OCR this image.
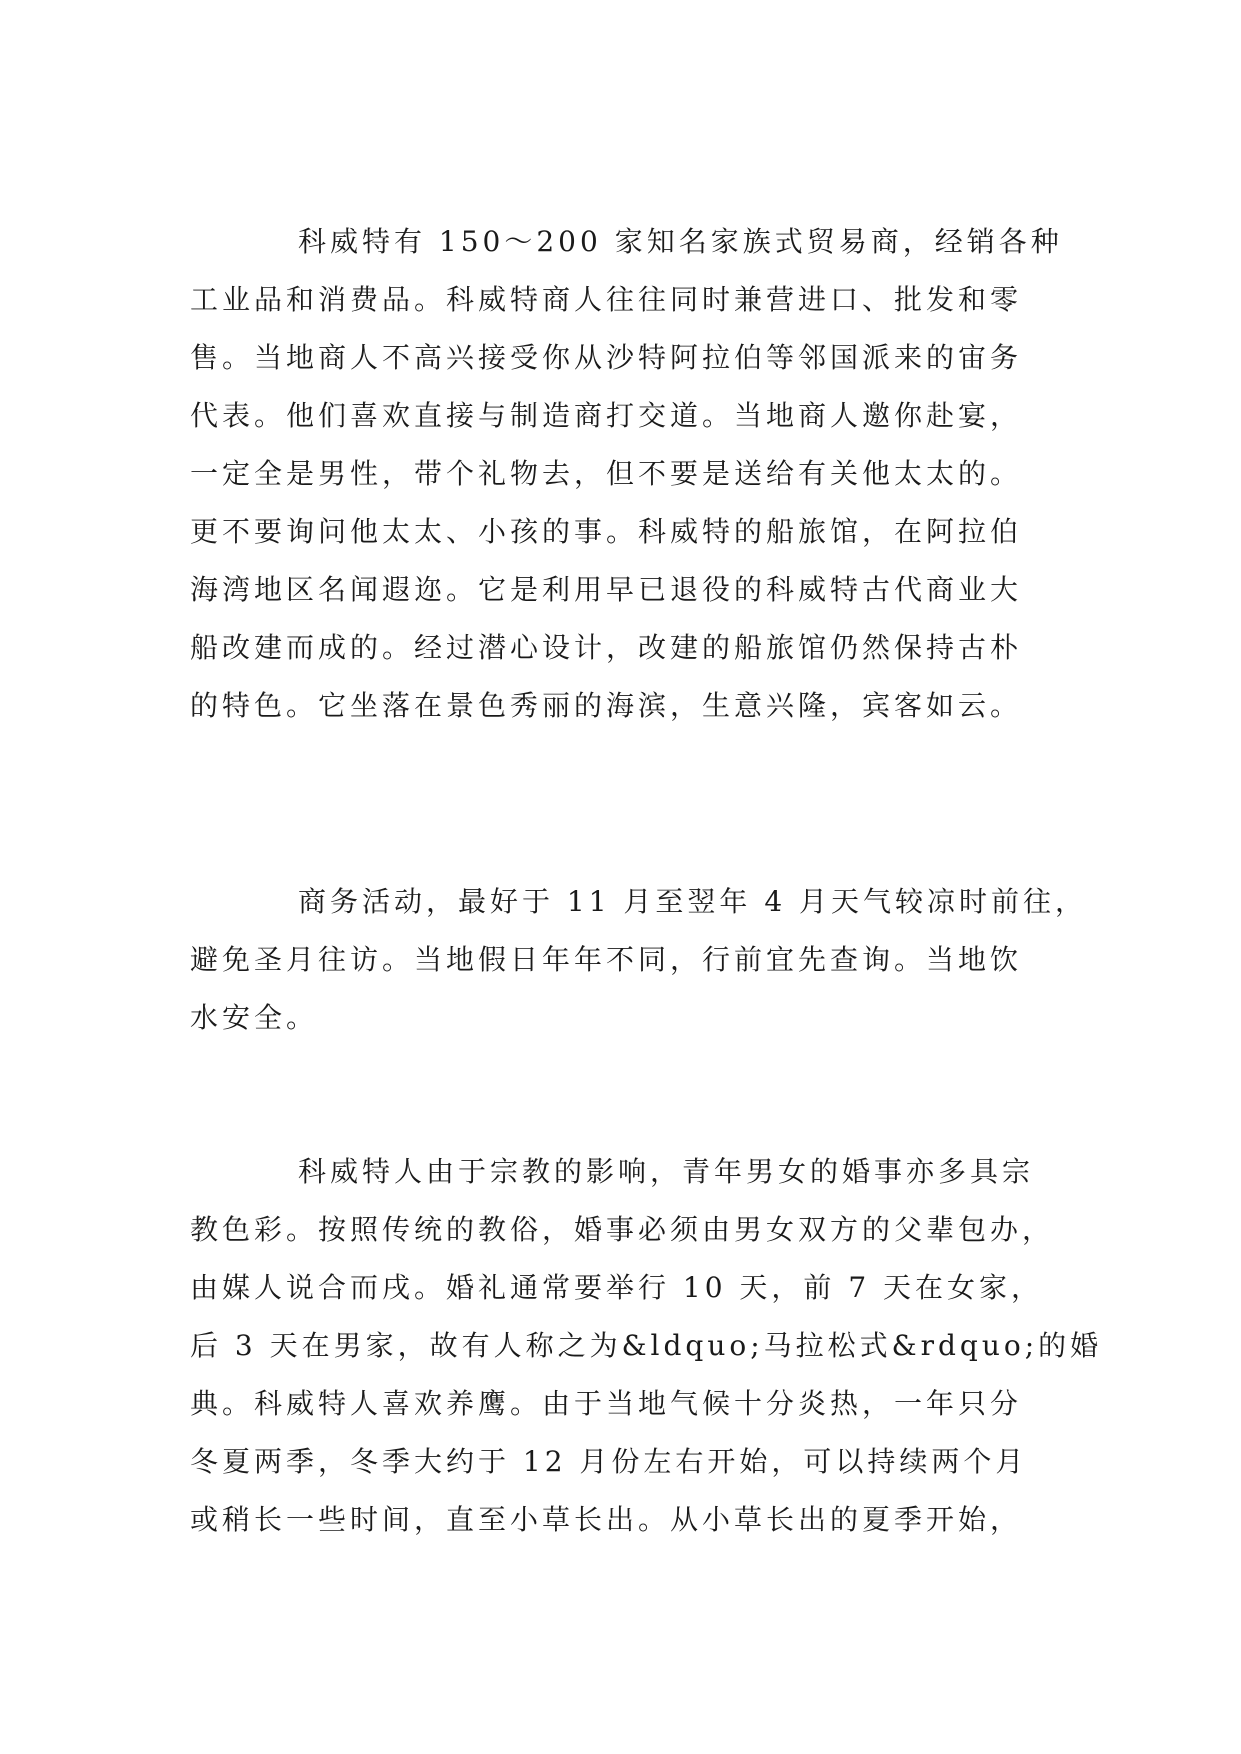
科威特有 150～200 家知名家族式贸易商，经销各种
工业品和消费品。科威特商人往往同时兼营进口、批发和零
售。当地商人不高兴接受你从沙特阿拉伯等邻国派来的宙务
代表。他们喜欢直接与制造商打交道。当地商人邀你赴宴，
一定全是男性，带个礼物去，但不要是送给有关他太太的。
更不要询问他太太、小孩的事。科威特的船旅馆，在阿拉伯
海湾地区名闻遐迩。它是利用早已退役的科威特古代商业大
船改建而成的。经过潜心设计，改建的船旅馆仍然保持古朴
的特色。它坐落在景色秀丽的海滨，生意兴隆，宾客如云。
商务活动，最好于 11 月至翌年 4 月天气较凉时前往，
避免圣月往访。当地假日年年不同，行前宜先查询。当地饮
水安全。
科威特人由于宗教的影响，青年男女的婚事亦多具宗
教色彩。按照传统的教俗，婚事必须由男女双方的父辈包办，
由媒人说合而戌。婚礼通常要举行 10 天，前 7 天在女家，
后 3 天在男家，故有人称之为&ldquo;马拉松式&rdquo;的婚
典。科威特人喜欢养鹰。由于当地气候十分炎热，一年只分
冬夏两季，冬季大约于 12 月份左右开始，可以持续两个月
或稍长一些时间，直至小草长出。从小草长出的夏季开始，
